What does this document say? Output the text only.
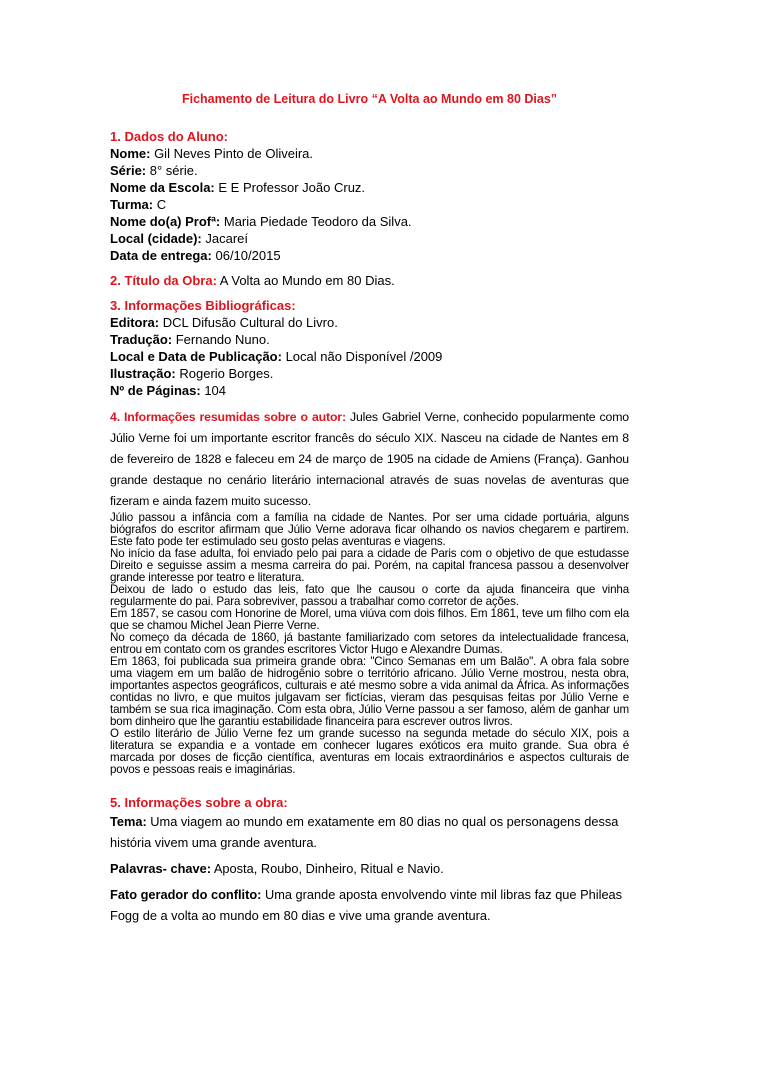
Fichamento de Leitura do Livro “A Volta ao Mundo em 80 Dias”
1. Dados do Aluno:
Nome: Gil Neves Pinto de Oliveira.
Série: 8° série.
Nome da Escola: E E Professor João Cruz.
Turma: C
Nome do(a) Profª: Maria Piedade Teodoro da Silva.
Local (cidade): Jacareí
Data de entrega: 06/10/2015
2. Título da Obra: A Volta ao Mundo em 80 Dias.
3. Informações Bibliográficas:
Editora: DCL Difusão Cultural do Livro.
Tradução: Fernando Nuno.
Local e Data de Publicação: Local não Disponível /2009
Ilustração: Rogerio Borges.
Nº de Páginas: 104
4. Informações resumidas sobre o autor: Jules Gabriel Verne, conhecido popularmente como Júlio Verne foi um importante escritor francês do século XIX. Nasceu na cidade de Nantes em 8 de fevereiro de 1828 e faleceu em 24 de março de 1905 na cidade de Amiens (França). Ganhou grande destaque no cenário literário internacional através de suas novelas de aventuras que fizeram e ainda fazem muito sucesso.
Júlio passou a infância com a família na cidade de Nantes. Por ser uma cidade portuária, alguns biógrafos do escritor afirmam que Júlio Verne adorava ficar olhando os navios chegarem e partirem. Este fato pode ter estimulado seu gosto pelas aventuras e viagens.
No início da fase adulta, foi enviado pelo pai para a cidade de Paris com o objetivo de que estudasse Direito e seguisse assim a mesma carreira do pai. Porém, na capital francesa passou a desenvolver grande interesse por teatro e literatura.
Deixou de lado o estudo das leis, fato que lhe causou o corte da ajuda financeira que vinha regularmente do pai. Para sobreviver, passou a trabalhar como corretor de ações.
Em 1857, se casou com Honorine de Morel, uma viúva com dois filhos. Em 1861, teve um filho com ela que se chamou Michel Jean Pierre Verne.
No começo da década de 1860, já bastante familiarizado com setores da intelectualidade francesa, entrou em contato com os grandes escritores Victor Hugo e Alexandre Dumas.
Em 1863, foi publicada sua primeira grande obra: "Cinco Semanas em um Balão". A obra fala sobre uma viagem em um balão de hidrogênio sobre o território africano. Júlio Verne mostrou, nesta obra, importantes aspectos geográficos, culturais e até mesmo sobre a vida animal da África. As informações contidas no livro, e que muitos julgavam ser fictícias, vieram das pesquisas feitas por Júlio Verne e também se sua rica imaginação. Com esta obra, Júlio Verne passou a ser famoso, além de ganhar um bom dinheiro que lhe garantiu estabilidade financeira para escrever outros livros.
O estilo literário de Júlio Verne fez um grande sucesso na segunda metade do século XIX, pois a literatura se expandia e a vontade em conhecer lugares exóticos era muito grande. Sua obra é marcada por doses de ficção científica, aventuras em locais extraordinários e aspectos culturais de povos e pessoas reais e imaginárias.
5. Informações sobre a obra:

Tema: Uma viagem ao mundo em exatamente em 80 dias no qual os personagens dessa história vivem uma grande aventura.

Palavras- chave: Aposta, Roubo, Dinheiro, Ritual e Navio.

Fato gerador do conflito: Uma grande aposta envolvendo vinte mil libras faz que Phileas Fogg de a volta ao mundo em 80 dias e vive uma grande aventura.
